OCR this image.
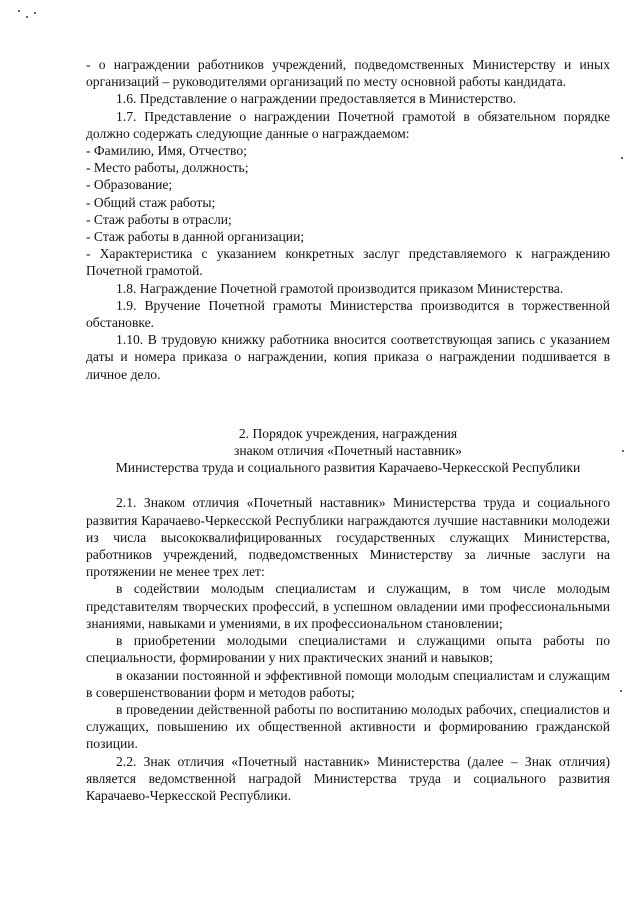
- о награждении работников учреждений, подведомственных Министерству и иных организаций – руководителями организаций по месту основной работы кандидата.

1.6. Представление о награждении предоставляется в Министерство.

1.7. Представление о награждении Почетной грамотой в обязательном порядке должно содержать следующие данные о награждаемом:

- Фамилию, Имя, Отчество;

- Место работы, должность;

- Образование;

- Общий стаж работы;

- Стаж работы в отрасли;

- Стаж работы в данной организации;

- Характеристика с указанием конкретных заслуг представляемого к награждению Почетной грамотой.

1.8. Награждение Почетной грамотой производится приказом Министерства.

1.9. Вручение Почетной грамоты Министерства производится в торжественной обстановке.

1.10. В трудовую книжку работника вносится соответствующая запись с указанием даты и номера приказа о награждении, копия приказа о награждении подшивается в личное дело.

2. Порядок учреждения, награждения

знаком отличия «Почетный наставник»

Министерства труда и социального развития Карачаево-Черкесской Республики

2.1. Знаком отличия «Почетный наставник» Министерства труда и социального развития Карачаево-Черкесской Республики награждаются лучшие наставники молодежи из числа высококвалифицированных государственных служащих Министерства, работников учреждений, подведомственных Министерству за личные заслуги на протяжении не менее трех лет:

в содействии молодым специалистам и служащим, в том числе молодым представителям творческих профессий, в успешном овладении ими профессиональными знаниями, навыками и умениями, в их профессиональном становлении;

в приобретении молодыми специалистами и служащими опыта работы по специальности, формировании у них практических знаний и навыков;

в оказании постоянной и эффективной помощи молодым специалистам и служащим в совершенствовании форм и методов работы;

в проведении действенной работы по воспитанию молодых рабочих, специалистов и служащих, повышению их общественной активности и формированию гражданской позиции.

2.2. Знак отличия «Почетный наставник» Министерства (далее – Знак отличия) является ведомственной наградой Министерства труда и социального развития Карачаево-Черкесской Республики.
